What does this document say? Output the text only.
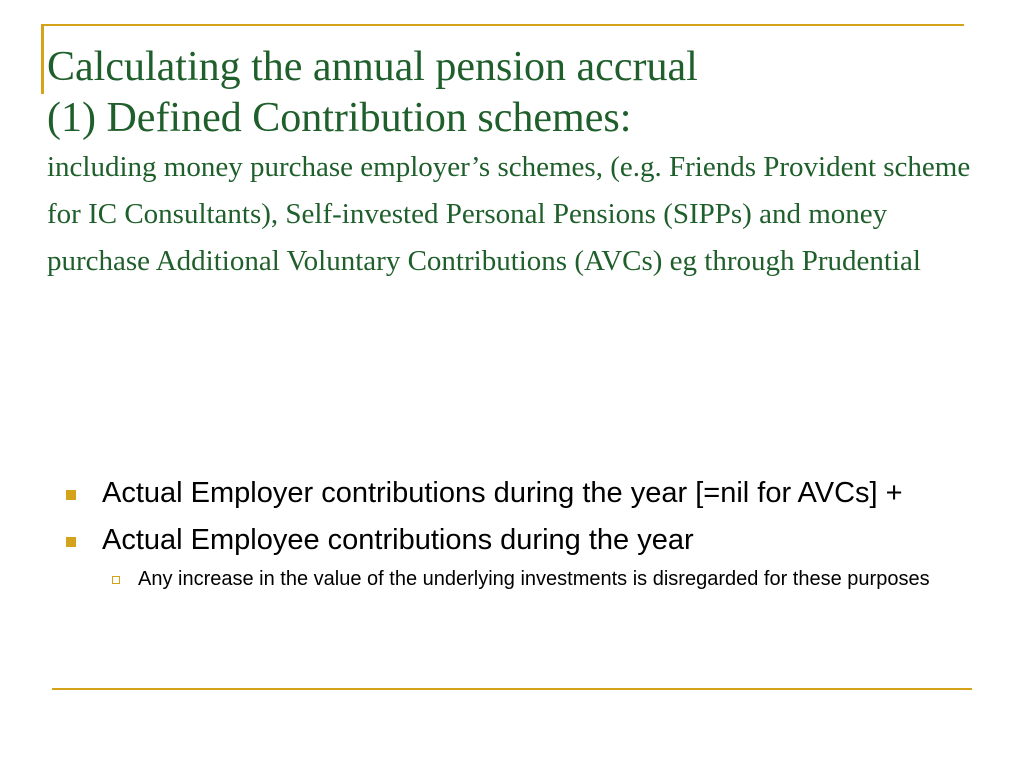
Calculating the annual pension accrual
(1) Defined Contribution schemes:
including money purchase employer’s schemes, (e.g. Friends Provident scheme for IC Consultants), Self-invested Personal Pensions (SIPPs) and money purchase Additional Voluntary Contributions (AVCs) eg through Prudential
Actual Employer contributions during the year [=nil for AVCs] +
Actual Employee contributions during the year
Any increase in the value of the underlying investments is disregarded for these purposes
